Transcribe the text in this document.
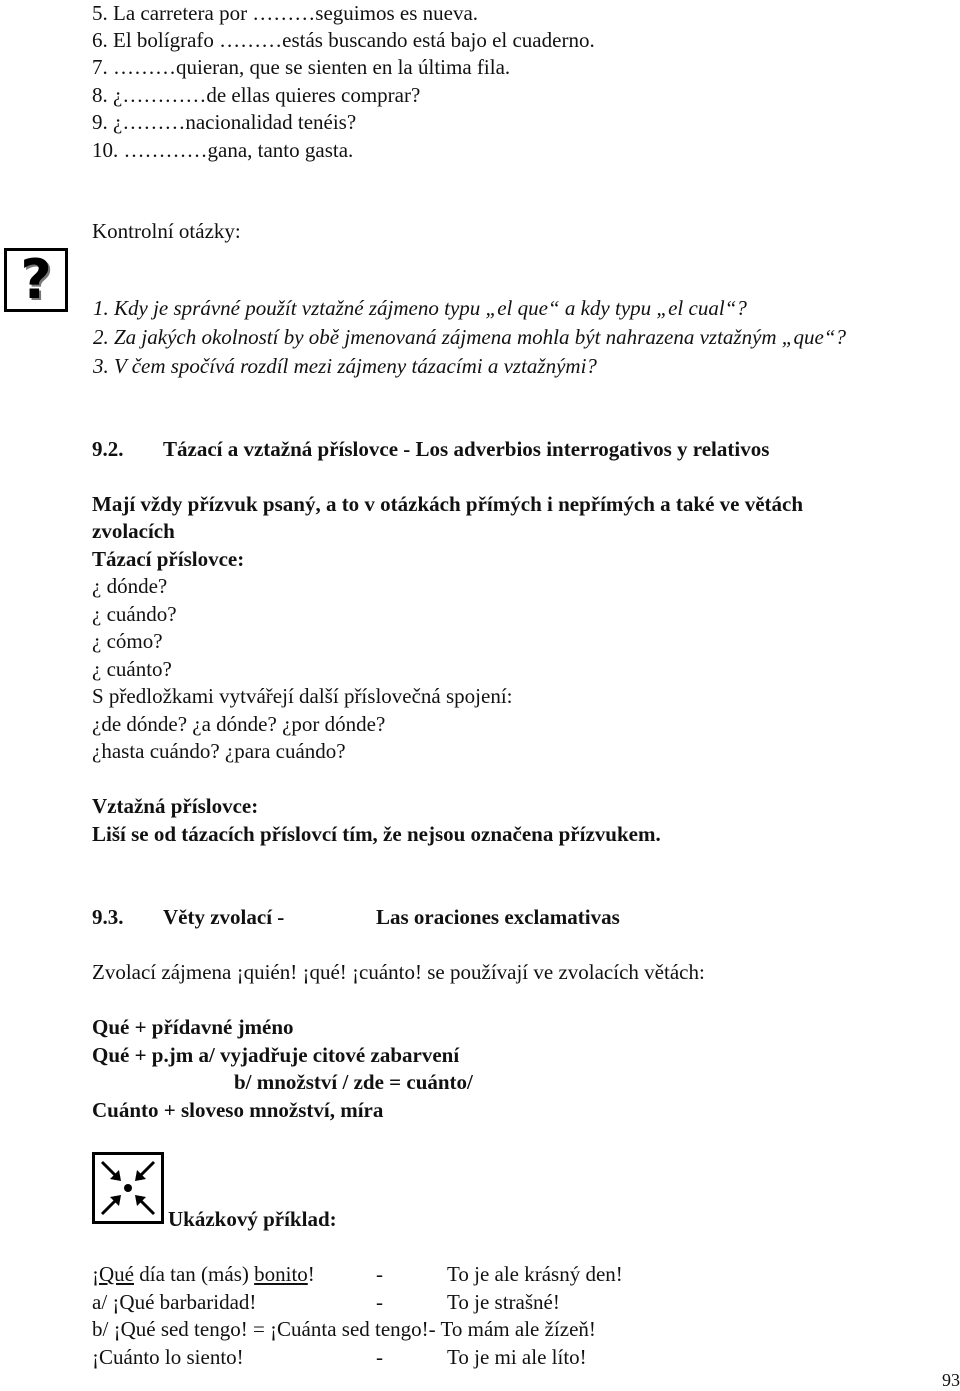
5. La carretera por ………seguimos es nueva.
6. El bolígrafo ………estás buscando está bajo el cuaderno.
7. ………quieran, que se sienten en la última fila.
8. ¿…………de ellas quieres comprar?
9. ¿………nacionalidad tenéis?
10. …………gana, tanto gasta.
Kontrolní otázky:
? 1. Kdy je správné použít vztažné zájmeno typu „el que“ a kdy typu „el cual“?
2. Za jakých okolností by obě jmenovaná zájmena mohla být nahrazena vztažným „que“?
3. V čem spočívá rozdíl mezi zájmeny tázacími a vztažnými?
9.2. Tázací a vztažná příslovce - Los adverbios interrogativos y relativos
Mají vždy přízvuk psaný, a to v otázkách přímých i nepřímých a také ve větách
zvolacích
Tázací příslovce:
¿ dónde?
¿ cuándo?
¿ cómo?
¿ cuánto?
S předložkami vytvářejí další příslovečná spojení:
¿de dónde? ¿a dónde? ¿por dónde?
¿hasta cuándo? ¿para cuándo?
Vztažná příslovce:
Liší se od tázacích příslovcí tím, že nejsou označena přízvukem.
9.3. Věty zvolací -	Las oraciones exclamativas
Zvolací zájmena ¡quién! ¡qué! ¡cuánto! se používají ve zvolacích větách:
Qué + přídavné jméno
Qué + p.jm a/ vyjadřuje citové zabarvení
b/ množství / zde = cuánto/
Cuánto + sloveso množství, míra
Ukázkový příklad:
¡Qué día tan (más) bonito!	-	To je ale krásný den!
a/ ¡Qué barbaridad!	-	To je strašné!
b/ ¡Qué sed tengo! = ¡Cuánta sed tengo!- To mám ale žízeň!
¡Cuánto lo siento!	-	To je mi ale líto!
93
